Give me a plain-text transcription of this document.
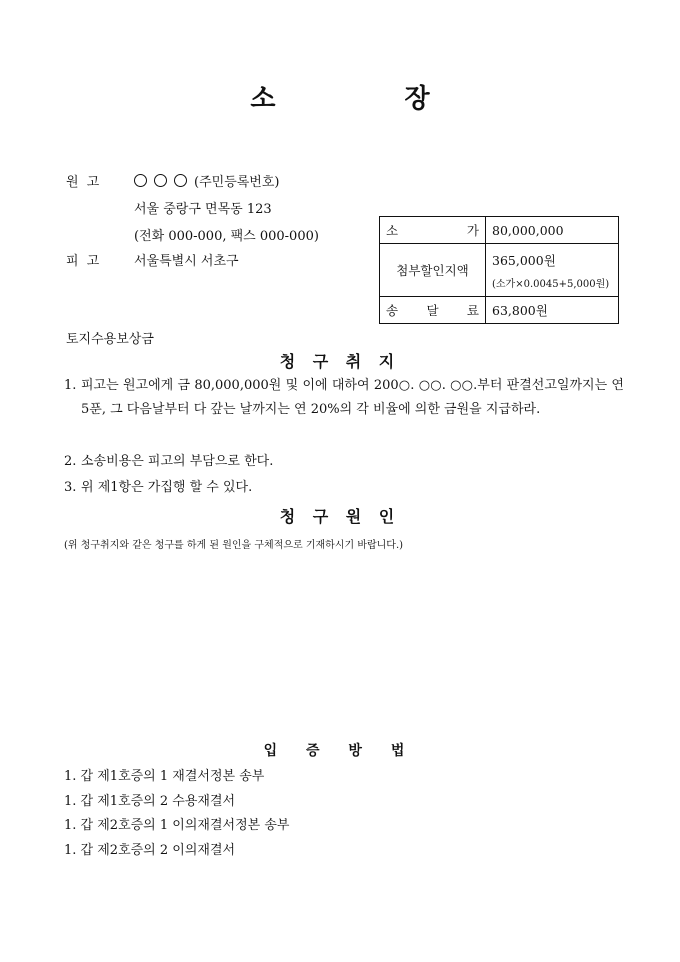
소 장
원 고	(주민등록번호)
서울 중랑구 면목동 123
(전화 000-000, 팩스 000-000)
피 고	서울특별시 서초구
소 가	80,000,000
첨부할인지액	365,000원
(소가×0.0045+5,000원)

송 달 료	63,800원
토지수용보상금
청 구 취 지
1. 피고는 원고에게 금 80,000,000원 및 이에 대하여 200○. ○○. ○○.부터 판결선고일까지는 연 5푼, 그 다음날부터 다 갚는 날까지는 연 20%의 각 비율에 의한 금원을 지급하라.
2. 소송비용은 피고의 부담으로 한다.
3. 위 제1항은 가집행 할 수 있다.
청 구 원 인
(위 청구취지와 같은 청구를 하게 된 원인을 구체적으로 기재하시기 바랍니다.)
입 증 방 법
1. 갑 제1호증의 1 재결서정본 송부
1. 갑 제1호증의 2 수용재결서
1. 갑 제2호증의 1 이의재결서정본 송부
1. 갑 제2호증의 2 이의재결서
